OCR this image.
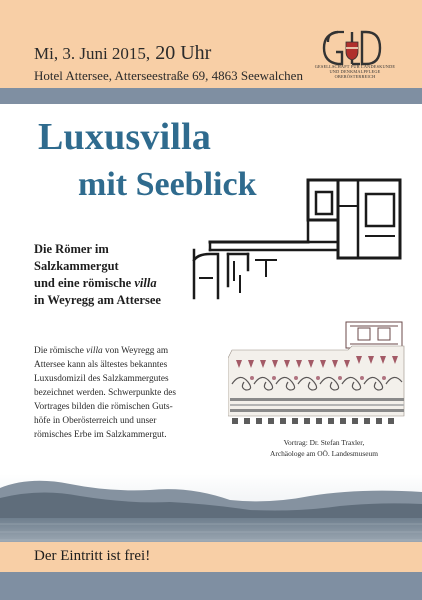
Mi, 3. Juni 2015, 20 Uhr
Hotel Attersee, Atterseestraße 69, 4863 Seewalchen
GESELLSCHAFT FÜR LANDESKUNDE
UND DENKMALPFLEGE
OBERÖSTERREICH
Luxusvilla
mit Seeblick
Die Römer im
Salzkammergut
und eine römische villa
in Weyregg am Attersee
Die römische villa von Weyregg am
Attersee kann als ältestes bekanntes
Luxusdomizil des Salzkammergutes
bezeichnet werden. Schwerpunkte des
Vortrages bilden die römischen Guts-
höfe in Oberösterreich und unser
römisches Erbe im Salzkammergut.
Vortrag: Dr. Stefan Traxler,
Archäologe am OÖ. Landesmuseum
Der Eintritt ist frei!
